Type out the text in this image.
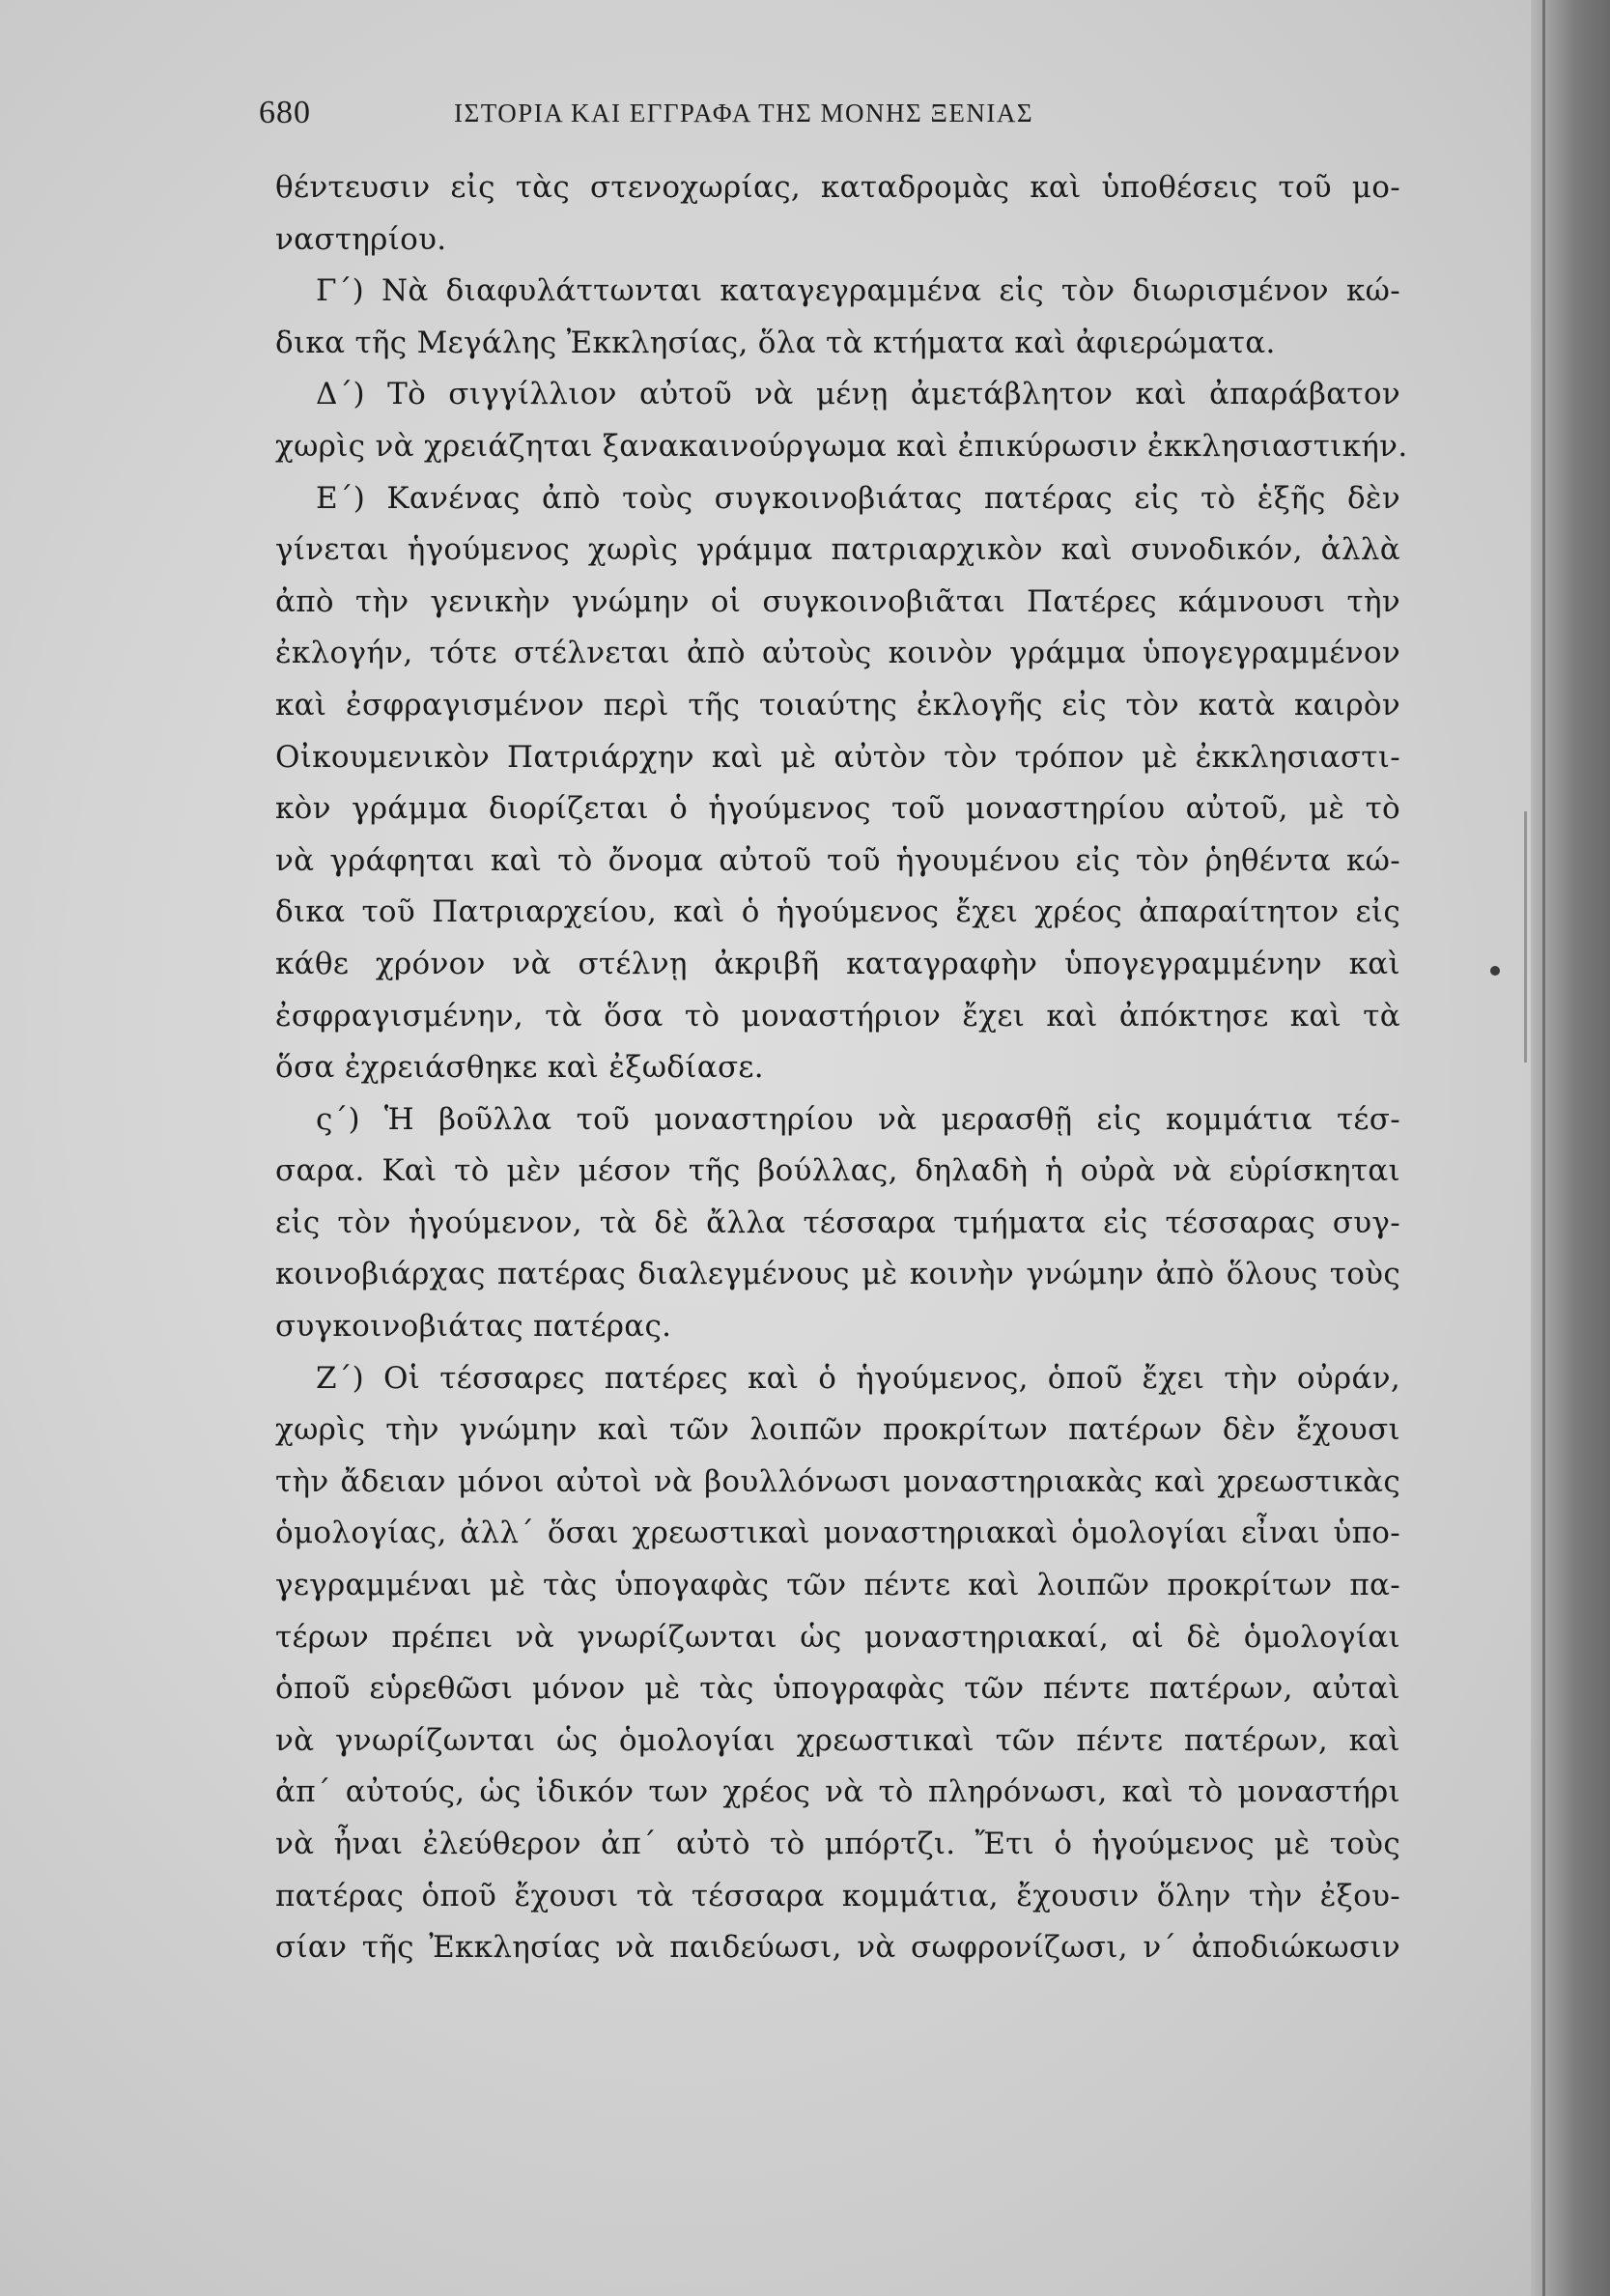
680	ΙΣΤΟΡΙΑ ΚΑΙ ΕΓΓΡΑΦΑ ΤΗΣ ΜΟΝΗΣ ΞΕΝΙΑΣ
θέντευσιν εἰς τὰς στενοχωρίας, καταδρομὰς καὶ ὑποθέσεις τοῦ μο-
ναστηρίου.
Γ΄) Νὰ διαφυλάττωνται καταγεγραμμένα εἰς τὸν διωρισμένον κώ-
δικα τῆς Μεγάλης Ἐκκλησίας, ὅλα τὰ κτήματα καὶ ἀφιερώματα.
Δ΄) Τὸ σιγγίλλιον αὐτοῦ νὰ μένῃ ἀμετάβλητον καὶ ἀπαράβατον
χωρὶς νὰ χρειάζηται ξανακαινούργωμα καὶ ἐπικύρωσιν ἐκκλησιαστικήν.
Ε΄) Κανένας ἀπὸ τοὺς συγκοινοβιάτας πατέρας εἰς τὸ ἑξῆς δὲν
γίνεται ἡγούμενος χωρὶς γράμμα πατριαρχικὸν καὶ συνοδικόν, ἀλλὰ
ἀπὸ τὴν γενικὴν γνώμην οἱ συγκοινοβιᾶται Πατέρες κάμνουσι τὴν
ἐκλογήν, τότε στέλνεται ἀπὸ αὐτοὺς κοινὸν γράμμα ὑπογεγραμμένον
καὶ ἐσφραγισμένον περὶ τῆς τοιαύτης ἐκλογῆς εἰς τὸν κατὰ καιρὸν
Οἰκουμενικὸν Πατριάρχην καὶ μὲ αὐτὸν τὸν τρόπον μὲ ἐκκλησιαστι-
κὸν γράμμα διορίζεται ὁ ἡγούμενος τοῦ μοναστηρίου αὐτοῦ, μὲ τὸ
νὰ γράφηται καὶ τὸ ὄνομα αὐτοῦ τοῦ ἡγουμένου εἰς τὸν ῥηθέντα κώ-
δικα τοῦ Πατριαρχείου, καὶ ὁ ἡγούμενος ἔχει χρέος ἀπαραίτητον εἰς
κάθε χρόνον νὰ στέλνῃ ἀκριβῆ καταγραφὴν ὑπογεγραμμένην καὶ
ἐσφραγισμένην, τὰ ὅσα τὸ μοναστήριον ἔχει καὶ ἀπόκτησε καὶ τὰ
ὅσα ἐχρειάσθηκε καὶ ἐξωδίασε.
ς΄) Ἡ βοῦλλα τοῦ μοναστηρίου νὰ μερασθῇ εἰς κομμάτια τέσ-
σαρα. Καὶ τὸ μὲν μέσον τῆς βούλλας, δηλαδὴ ἡ οὐρὰ νὰ εὑρίσκηται
εἰς τὸν ἡγούμενον, τὰ δὲ ἄλλα τέσσαρα τμήματα εἰς τέσσαρας συγ-
κοινοβιάρχας πατέρας διαλεγμένους μὲ κοινὴν γνώμην ἀπὸ ὅλους τοὺς
συγκοινοβιάτας πατέρας.
Ζ΄) Οἱ τέσσαρες πατέρες καὶ ὁ ἡγούμενος, ὁποῦ ἔχει τὴν οὐράν,
χωρὶς τὴν γνώμην καὶ τῶν λοιπῶν προκρίτων πατέρων δὲν ἔχουσι
τὴν ἄδειαν μόνοι αὐτοὶ νὰ βουλλόνωσι μοναστηριακὰς καὶ χρεωστικὰς
ὁμολογίας, ἀλλ΄ ὅσαι χρεωστικαὶ μοναστηριακαὶ ὁμολογίαι εἶναι ὑπο-
γεγραμμέναι μὲ τὰς ὑπογαφὰς τῶν πέντε καὶ λοιπῶν προκρίτων πα-
τέρων πρέπει νὰ γνωρίζωνται ὡς μοναστηριακαί, αἱ δὲ ὁμολογίαι
ὁποῦ εὑρεθῶσι μόνον μὲ τὰς ὑπογραφὰς τῶν πέντε πατέρων, αὐταὶ
νὰ γνωρίζωνται ὡς ὁμολογίαι χρεωστικαὶ τῶν πέντε πατέρων, καὶ
ἀπ΄ αὐτούς, ὡς ἰδικόν των χρέος νὰ τὸ πληρόνωσι, καὶ τὸ μοναστήρι
νὰ ἦναι ἐλεύθερον ἀπ΄ αὐτὸ τὸ μπόρτζι. Ἔτι ὁ ἡγούμενος μὲ τοὺς
πατέρας ὁποῦ ἔχουσι τὰ τέσσαρα κομμάτια, ἔχουσιν ὅλην τὴν ἐξου-
σίαν τῆς Ἐκκλησίας νὰ παιδεύωσι, νὰ σωφρονίζωσι, ν΄ ἀποδιώκωσιν
